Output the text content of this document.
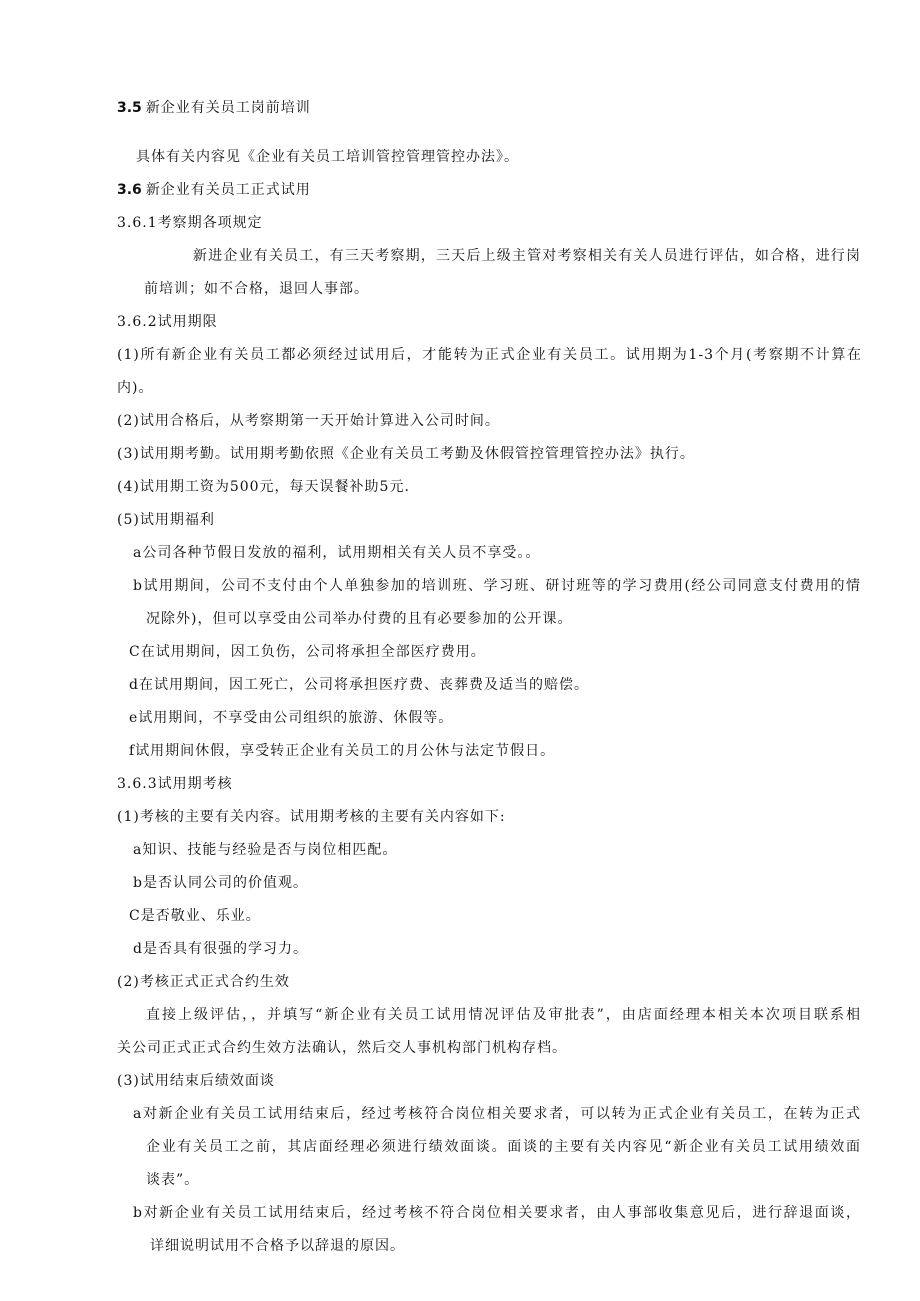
3.5 新企业有关员工岗前培训
具体有关内容见《企业有关员工培训管控管理管控办法》。
3.6 新企业有关员工正式试用
3.6.1考察期各项规定
新进企业有关员工，有三天考察期，三天后上级主管对考察相关有关人员进行评估，如合格，进行岗
前培训；如不合格，退回人事部。
3.6.2试用期限
(1)所有新企业有关员工都必须经过试用后，才能转为正式企业有关员工。试用期为1-3个月(考察期不计算在
内)。
(2)试用合格后，从考察期第一天开始计算进入公司时间。
(3)试用期考勤。试用期考勤依照《企业有关员工考勤及休假管控管理管控办法》执行。
(4)试用期工资为500元，每天误餐补助5元.
(5)试用期福利
a公司各种节假日发放的福利，试用期相关有关人员不享受。。
b试用期间，公司不支付由个人单独参加的培训班、学习班、研讨班等的学习费用(经公司同意支付费用的情
况除外)，但可以享受由公司举办付费的且有必要参加的公开课。
C在试用期间，因工负伤，公司将承担全部医疗费用。
d在试用期间，因工死亡，公司将承担医疗费、丧葬费及适当的赔偿。
e试用期间，不享受由公司组织的旅游、休假等。
f试用期间休假，享受转正企业有关员工的月公休与法定节假日。
3.6.3试用期考核
(1)考核的主要有关内容。试用期考核的主要有关内容如下:
a知识、技能与经验是否与岗位相匹配。
b是否认同公司的价值观。
C是否敬业、乐业。
d是否具有很强的学习力。
(2)考核正式正式合约生效
直接上级评估，，并填写“新企业有关员工试用情况评估及审批表”，由店面经理本相关本次项目联系相
关公司正式正式合约生效方法确认，然后交人事机构部门机构存档。
(3)试用结束后绩效面谈
a对新企业有关员工试用结束后，经过考核符合岗位相关要求者，可以转为正式企业有关员工，在转为正式
企业有关员工之前，其店面经理必须进行绩效面谈。面谈的主要有关内容见“新企业有关员工试用绩效面
谈表”。
b对新企业有关员工试用结束后，经过考核不符合岗位相关要求者，由人事部收集意见后，进行辞退面谈，
详细说明试用不合格予以辞退的原因。
